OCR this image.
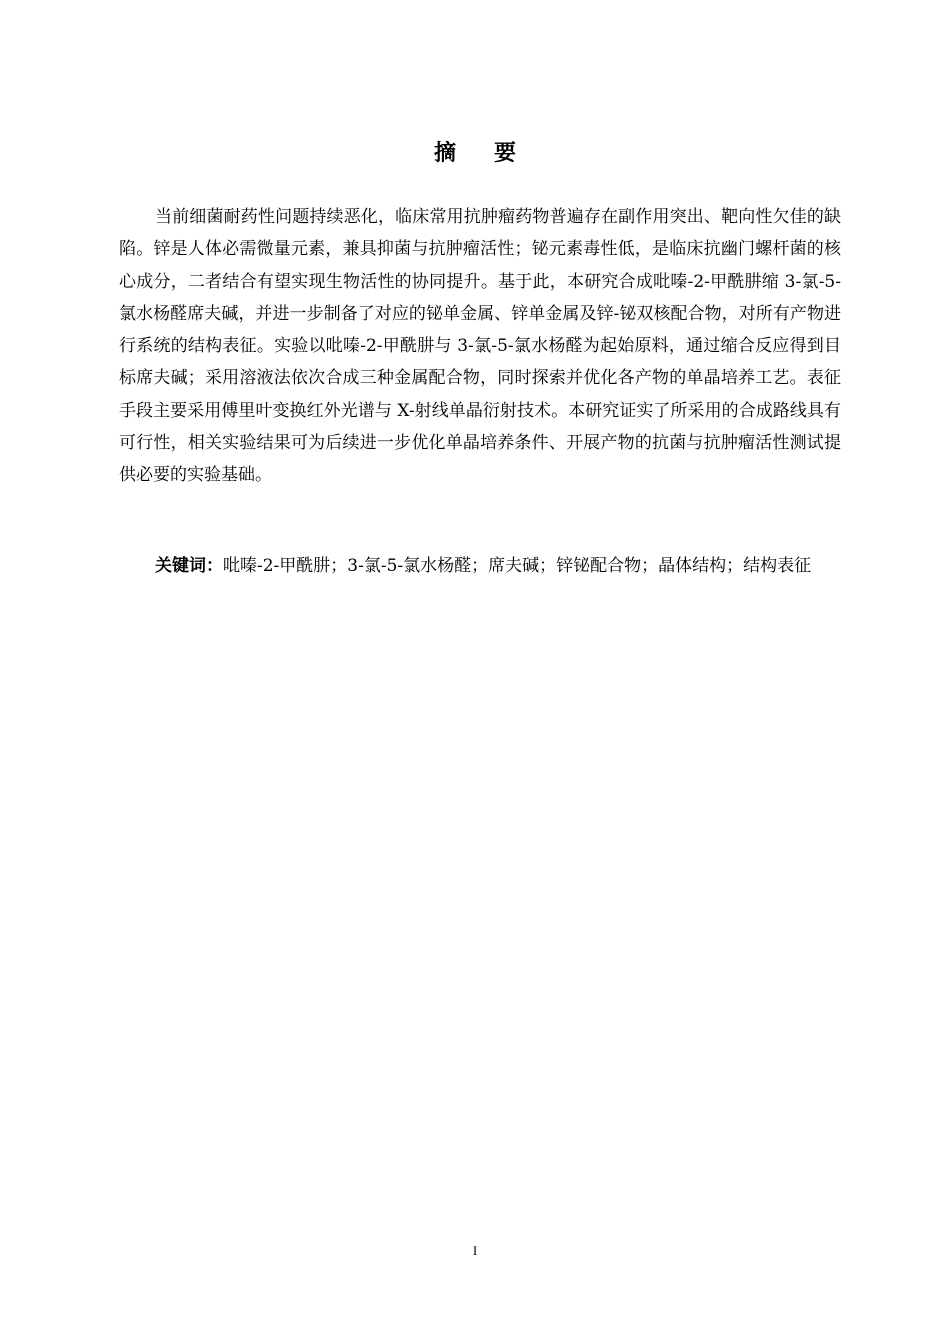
摘 要

当前细菌耐药性问题持续恶化，临床常用抗肿瘤药物普遍存在副作用突出、靶向性欠佳的缺陷。锌是人体必需微量元素，兼具抑菌与抗肿瘤活性；铋元素毒性低，是临床抗幽门螺杆菌的核心成分，二者结合有望实现生物活性的协同提升。基于此，本研究合成吡嗪-2-甲酰肼缩 3-氯-5-氯水杨醛席夫碱，并进一步制备了对应的铋单金属、锌单金属及锌-铋双核配合物，对所有产物进行系统的结构表征。实验以吡嗪-2-甲酰肼与 3-氯-5-氯水杨醛为起始原料，通过缩合反应得到目标席夫碱；采用溶液法依次合成三种金属配合物，同时探索并优化各产物的单晶培养工艺。表征手段主要采用傅里叶变换红外光谱与 X-射线单晶衍射技术。本研究证实了所采用的合成路线具有可行性，相关实验结果可为后续进一步优化单晶培养条件、开展产物的抗菌与抗肿瘤活性测试提供必要的实验基础。

关键词：吡嗪-2-甲酰肼；3-氯-5-氯水杨醛；席夫碱；锌铋配合物；晶体结构；结构表征

I
